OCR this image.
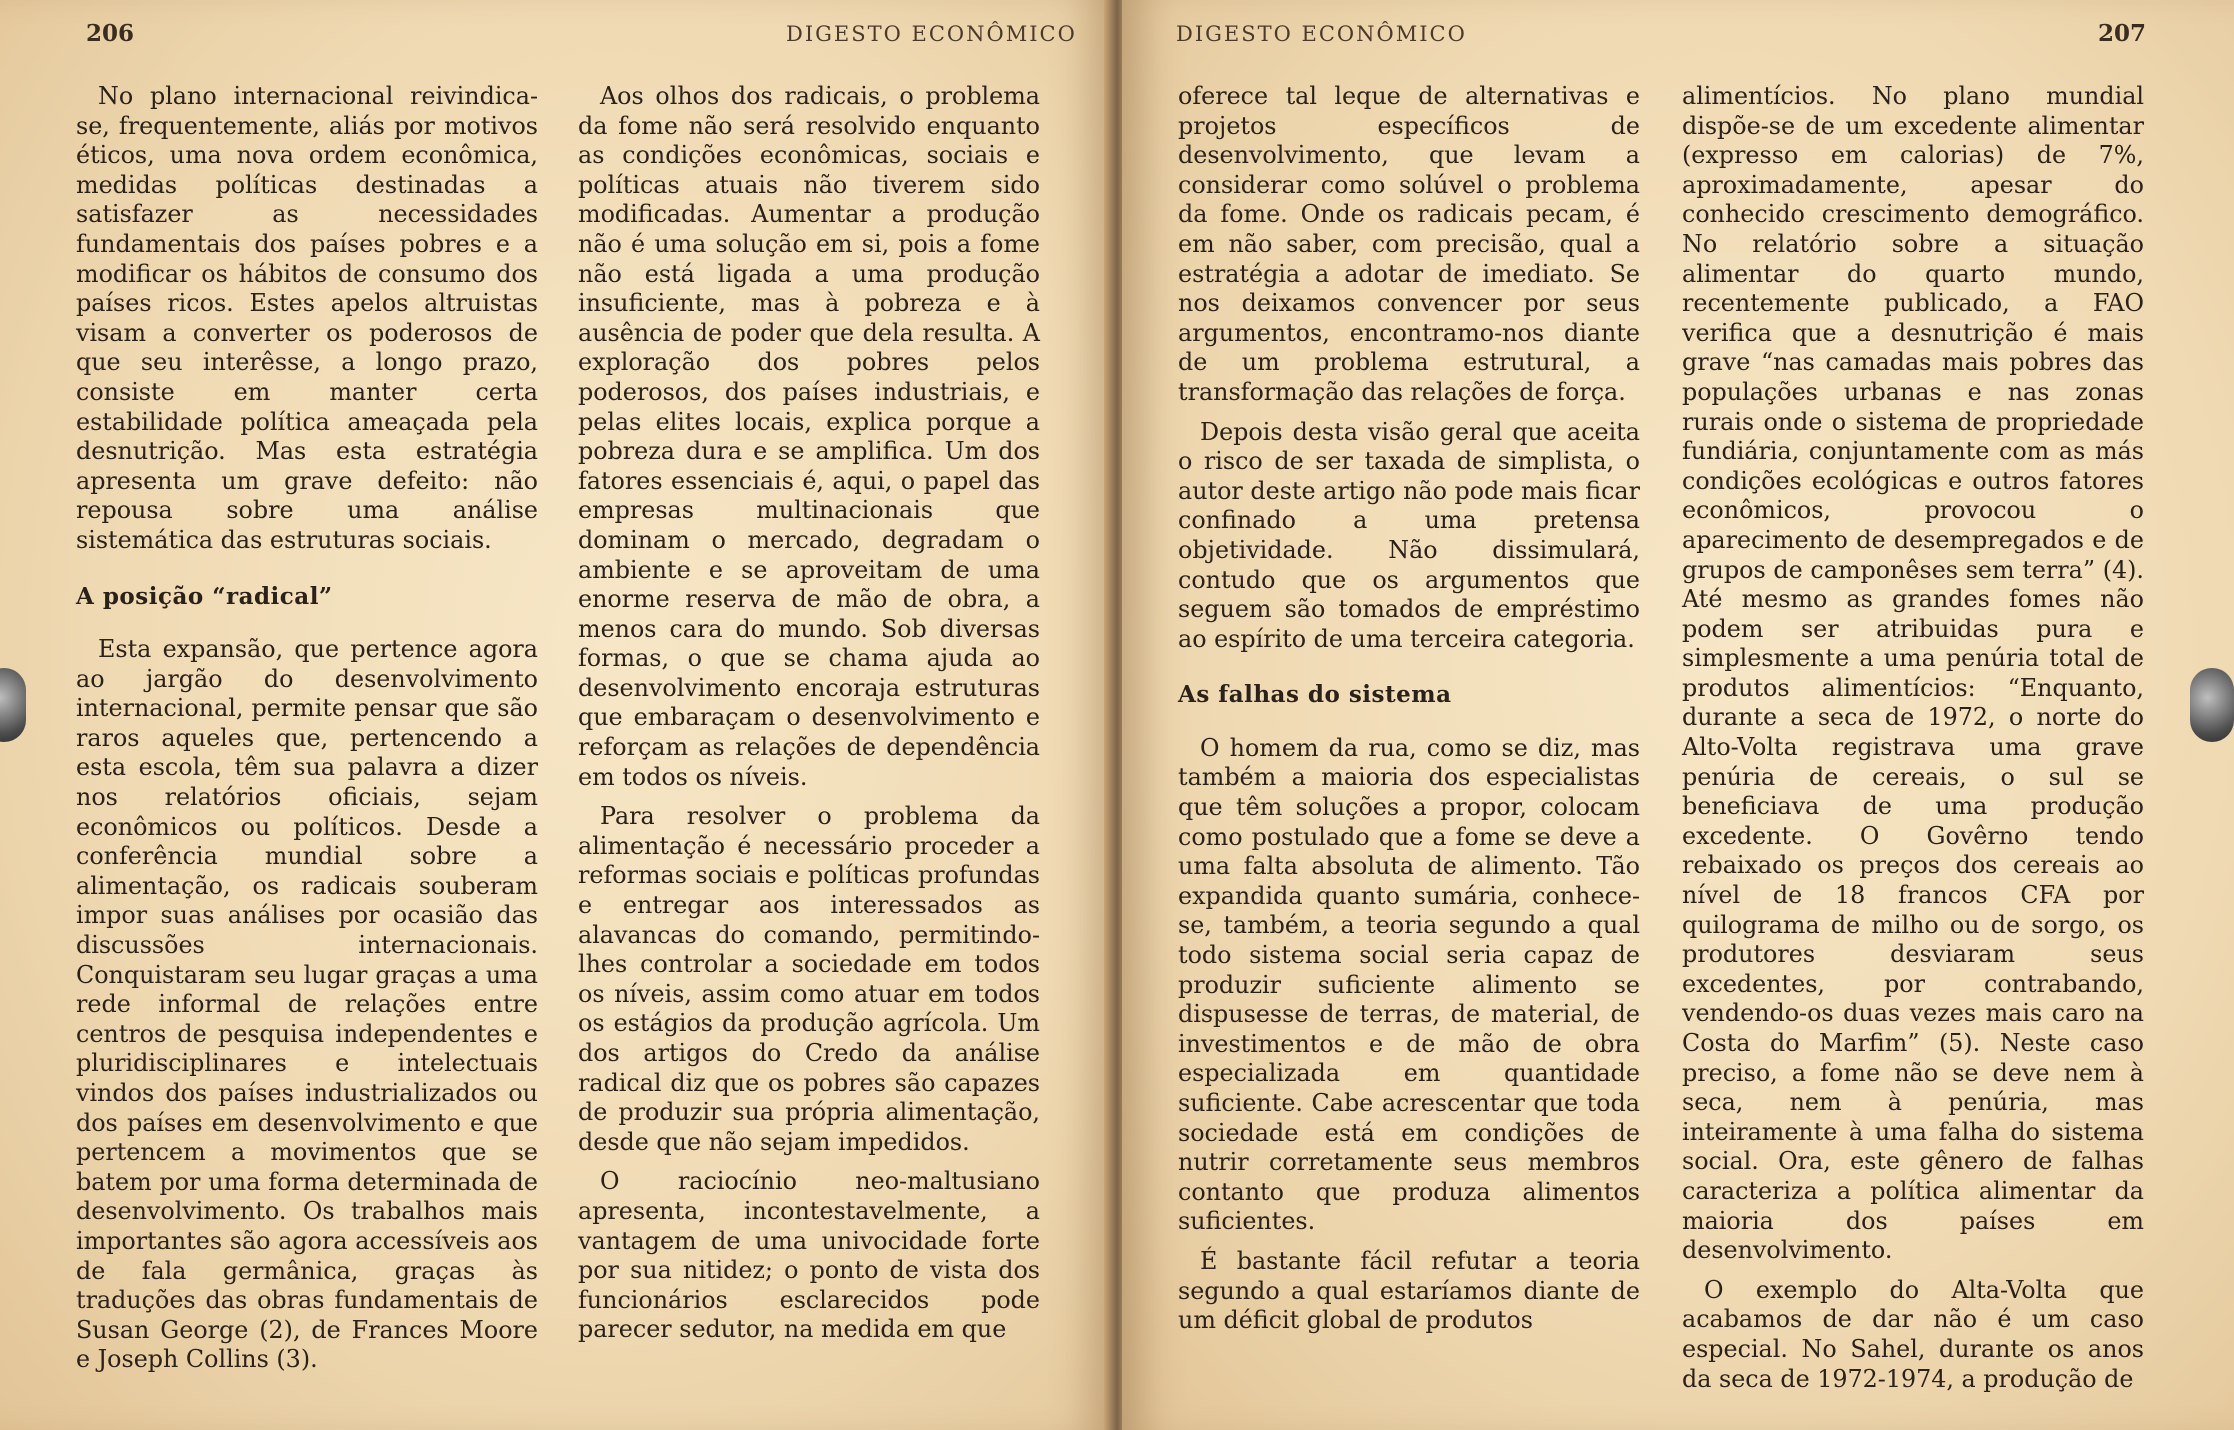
206	DIGESTO ECONÔMICO

No plano internacional reivindica-se, frequentemente, aliás por motivos éticos, uma nova ordem econômica, medidas políticas destinadas a satisfazer as necessidades fundamentais dos países pobres e a modificar os hábitos de consumo dos países ricos. Estes apelos altruistas visam a converter os poderosos de que seu interêsse, a longo prazo, consiste em manter certa estabilidade política ameaçada pela desnutrição. Mas esta estratégia apresenta um grave defeito: não repousa sobre uma análise sistemática das estruturas sociais.

A posição “radical”

Esta expansão, que pertence agora ao jargão do desenvolvimento internacional, permite pensar que são raros aqueles que, pertencendo a esta escola, têm sua palavra a dizer nos relatórios oficiais, sejam econômicos ou políticos. Desde a conferência mundial sobre a alimentação, os radicais souberam impor suas análises por ocasião das discussões internacionais. Conquistaram seu lugar graças a uma rede informal de relações entre centros de pesquisa independentes e pluridisciplinares e intelectuais vindos dos países industrializados ou dos países em desenvolvimento e que pertencem a movimentos que se batem por uma forma determinada de desenvolvimento. Os trabalhos mais importantes são agora accessíveis aos de fala germânica, graças às traduções das obras fundamentais de Susan George (2), de Frances Moore e Joseph Collins (3).

Aos olhos dos radicais, o problema da fome não será resolvido enquanto as condições econômicas, sociais e políticas atuais não tiverem sido modificadas. Aumentar a produção não é uma solução em si, pois a fome não está ligada a uma produção insuficiente, mas à pobreza e à ausência de poder que dela resulta. A exploração dos pobres pelos poderosos, dos países industriais, e pelas elites locais, explica porque a pobreza dura e se amplifica. Um dos fatores essenciais é, aqui, o papel das empresas multinacionais que dominam o mercado, degradam o ambiente e se aproveitam de uma enorme reserva de mão de obra, a menos cara do mundo. Sob diversas formas, o que se chama ajuda ao desenvolvimento encoraja estruturas que embaraçam o desenvolvimento e reforçam as relações de dependência em todos os níveis.

Para resolver o problema da alimentação é necessário proceder a reformas sociais e políticas profundas e entregar aos interessados as alavancas do comando, permitindo-lhes controlar a sociedade em todos os níveis, assim como atuar em todos os estágios da produção agrícola. Um dos artigos do Credo da análise radical diz que os pobres são capazes de produzir sua própria alimentação, desde que não sejam impedidos.

O raciocínio neo-maltusiano apresenta, incontestavelmente, a vantagem de uma univocidade forte por sua nitidez; o ponto de vista dos funcionários esclarecidos pode parecer sedutor, na medida em que

DIGESTO ECONÔMICO	207

oferece tal leque de alternativas e projetos específicos de desenvolvimento, que levam a considerar como solúvel o problema da fome. Onde os radicais pecam, é em não saber, com precisão, qual a estratégia a adotar de imediato. Se nos deixamos convencer por seus argumentos, encontramo-nos diante de um problema estrutural, a transformação das relações de força.

Depois desta visão geral que aceita o risco de ser taxada de simplista, o autor deste artigo não pode mais ficar confinado a uma pretensa objetividade. Não dissimulará, contudo que os argumentos que seguem são tomados de empréstimo ao espírito de uma terceira categoria.

As falhas do sistema

O homem da rua, como se diz, mas também a maioria dos especialistas que têm soluções a propor, colocam como postulado que a fome se deve a uma falta absoluta de alimento. Tão expandida quanto sumária, conhece-se, também, a teoria segundo a qual todo sistema social seria capaz de produzir suficiente alimento se dispusesse de terras, de material, de investimentos e de mão de obra especializada em quantidade suficiente. Cabe acrescentar que toda sociedade está em condições de nutrir corretamente seus membros contanto que produza alimentos suficientes.

É bastante fácil refutar a teoria segundo a qual estaríamos diante de um déficit global de produtos

alimentícios. No plano mundial dispõe-se de um excedente alimentar (expresso em calorias) de 7%, aproximadamente, apesar do conhecido crescimento demográfico. No relatório sobre a situação alimentar do quarto mundo, recentemente publicado, a FAO verifica que a desnutrição é mais grave “nas camadas mais pobres das populações urbanas e nas zonas rurais onde o sistema de propriedade fundiária, conjuntamente com as más condições ecológicas e outros fatores econômicos, provocou o aparecimento de desempregados e de grupos de camponêses sem terra” (4). Até mesmo as grandes fomes não podem ser atribuidas pura e simplesmente a uma penúria total de produtos alimentícios: “Enquanto, durante a seca de 1972, o norte do Alto-Volta registrava uma grave penúria de cereais, o sul se beneficiava de uma produção excedente. O Govêrno tendo rebaixado os preços dos cereais ao nível de 18 francos CFA por quilograma de milho ou de sorgo, os produtores desviaram seus excedentes, por contrabando, vendendo-os duas vezes mais caro na Costa do Marfim” (5). Neste caso preciso, a fome não se deve nem à seca, nem à penúria, mas inteiramente à uma falha do sistema social. Ora, este gênero de falhas caracteriza a política alimentar da maioria dos países em desenvolvimento.

O exemplo do Alta-Volta que acabamos de dar não é um caso especial. No Sahel, durante os anos da seca de 1972-1974, a produção de
